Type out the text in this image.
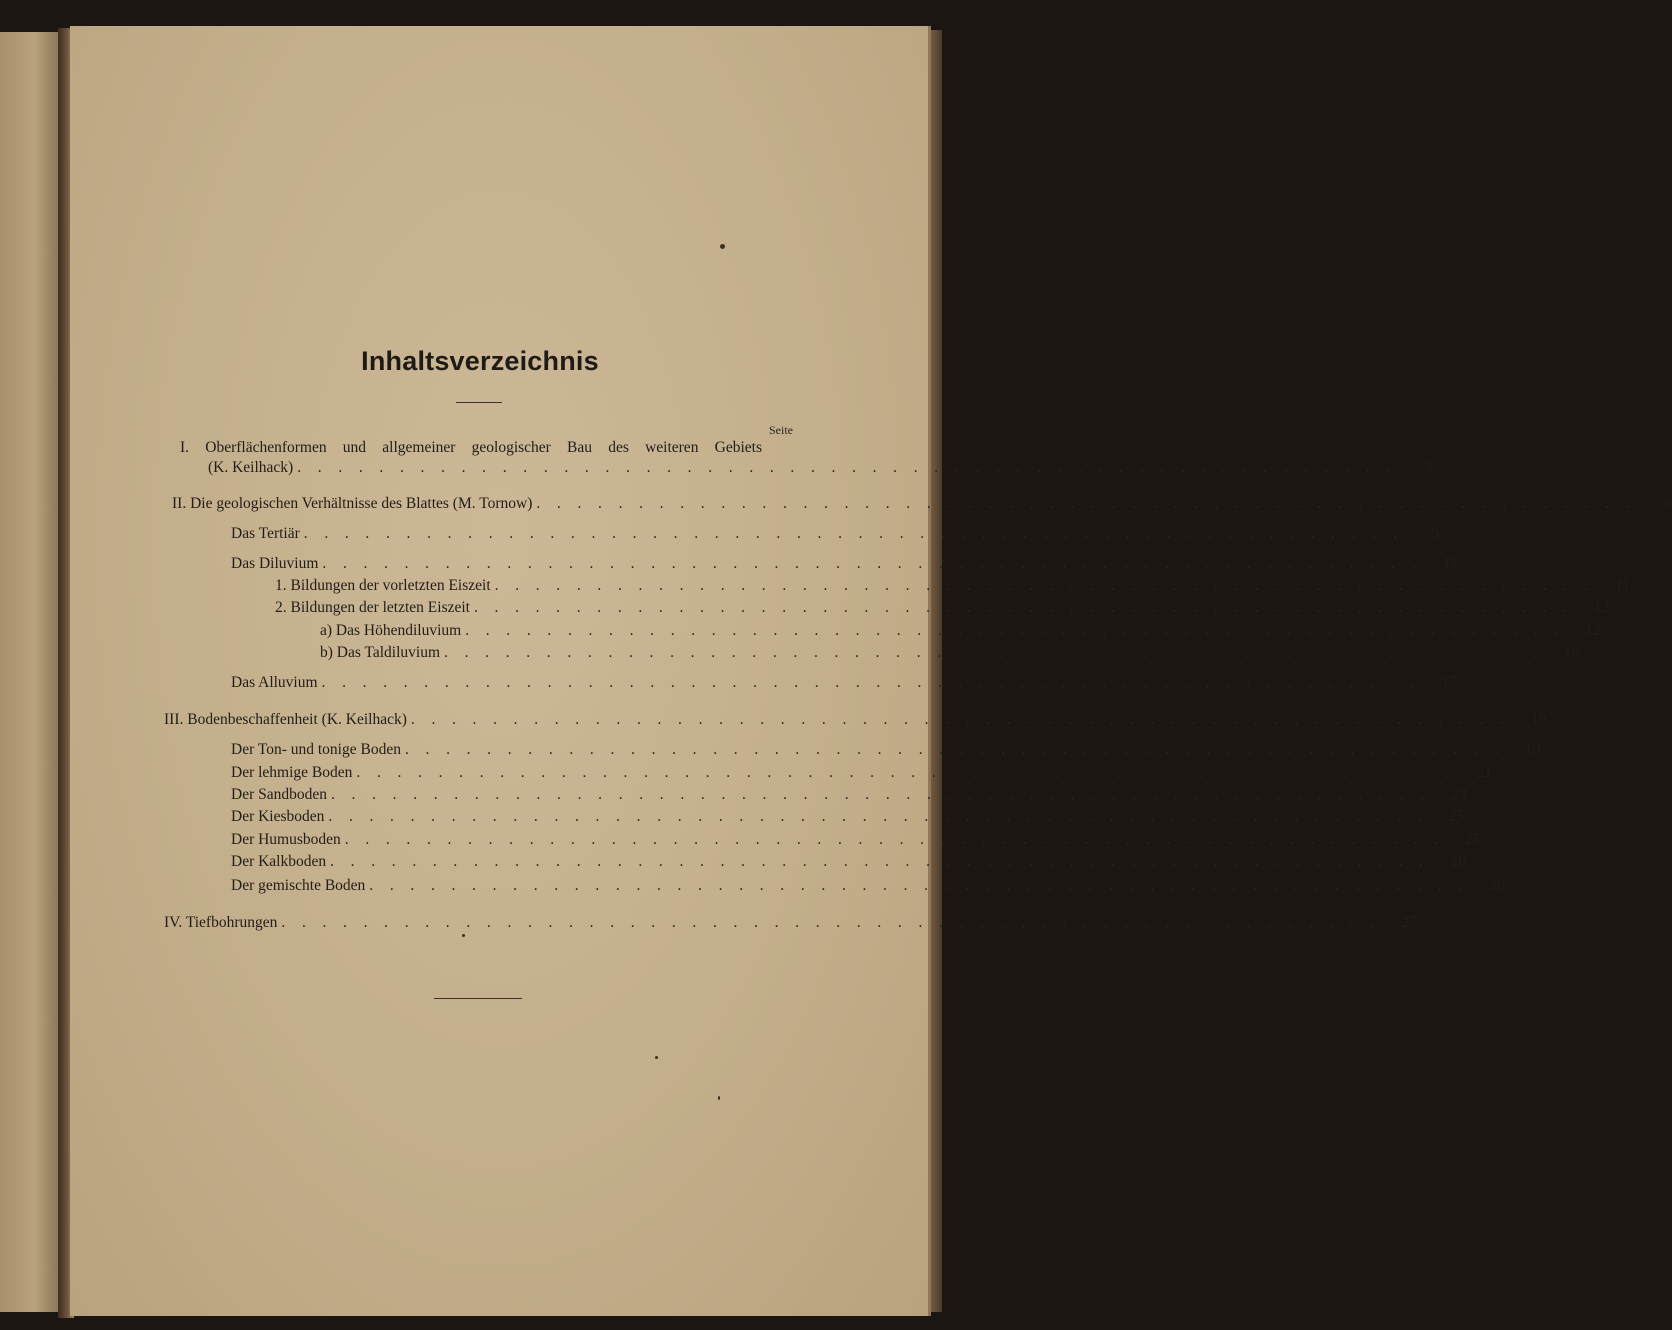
Inhaltsverzeichnis
Seite
I. Oberflächenformen und allgemeiner geologischer Bau des weiteren Gebiets
(K. Keilhack) . . . . . . . . . . . . . . . . . . . . . . . . . . . . . . . . . . . . . . . . . . . . . . . . . . . . . .	3
II. Die geologischen Verhältnisse des Blattes (M. Tornow) . . . . . . . . . . . . . . . . . . . . . . . . . . . . . . . . . . . . . . . . . . . . . . . . . . . . . .	6
Das Tertiär . . . . . . . . . . . . . . . . . . . . . . . . . . . . . . . . . . . . . . . . . . . . . . . . . . . . . .	9
Das Diluvium . . . . . . . . . . . . . . . . . . . . . . . . . . . . . . . . . . . . . . . . . . . . . . . . . . . . . .	11
1. Bildungen der vorletzten Eiszeit . . . . . . . . . . . . . . . . . . . . . . . . . . . . . . . . . . . . . . . . . . . . . . . . . . . . . .	11
2. Bildungen der letzten Eiszeit . . . . . . . . . . . . . . . . . . . . . . . . . . . . . . . . . . . . . . . . . . . . . . . . . . . . . .	12
a) Das Höhendiluvium . . . . . . . . . . . . . . . . . . . . . . . . . . . . . . . . . . . . . . . . . . . . . . . . . . . . . .	12
b) Das Taldiluvium . . . . . . . . . . . . . . . . . . . . . . . . . . . . . . . . . . . . . . . . . . . . . . . . . . . . . .	16
Das Alluvium . . . . . . . . . . . . . . . . . . . . . . . . . . . . . . . . . . . . . . . . . . . . . . . . . . . . . .	17
III. Bodenbeschaffenheit (K. Keilhack) . . . . . . . . . . . . . . . . . . . . . . . . . . . . . . . . . . . . . . . . . . . . . . . . . . . . . .	19
Der Ton- und tonige Boden . . . . . . . . . . . . . . . . . . . . . . . . . . . . . . . . . . . . . . . . . . . . . . . . . . . . . .	19
Der lehmige Boden . . . . . . . . . . . . . . . . . . . . . . . . . . . . . . . . . . . . . . . . . . . . . . . . . . . . . .	21
Der Sandboden . . . . . . . . . . . . . . . . . . . . . . . . . . . . . . . . . . . . . . . . . . . . . . . . . . . . . .	23
Der Kiesboden . . . . . . . . . . . . . . . . . . . . . . . . . . . . . . . . . . . . . . . . . . . . . . . . . . . . . .	25
Der Humusboden . . . . . . . . . . . . . . . . . . . . . . . . . . . . . . . . . . . . . . . . . . . . . . . . . . . . . .	25
Der Kalkboden . . . . . . . . . . . . . . . . . . . . . . . . . . . . . . . . . . . . . . . . . . . . . . . . . . . . . .	26
Der gemischte Boden . . . . . . . . . . . . . . . . . . . . . . . . . . . . . . . . . . . . . . . . . . . . . . . . . . . . . .	26
IV. Tiefbohrungen . . . . . . . . . . . . . . . . . . . . . . . . . . . . . . . . . . . . . . . . . . . . . . . . . . . . . .	27
